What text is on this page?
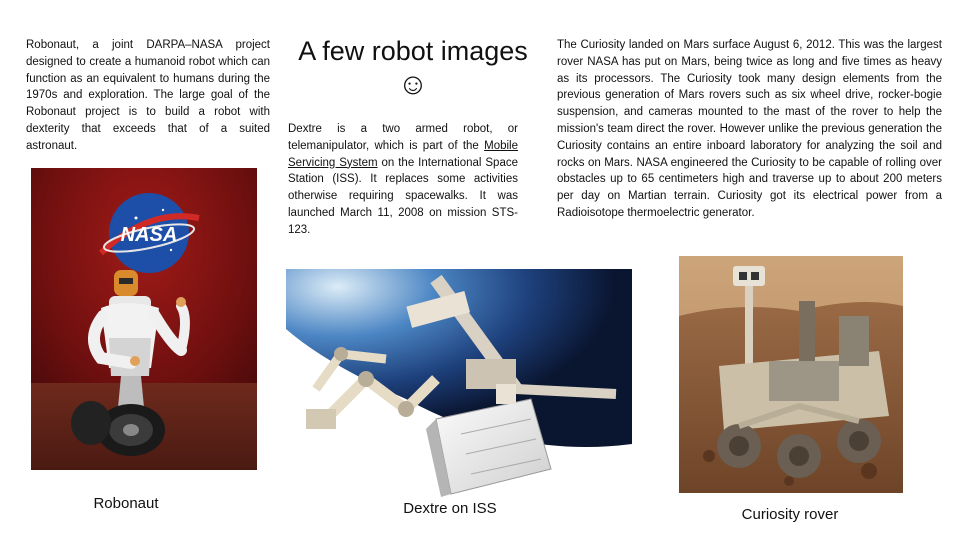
Robonaut, a joint DARPA–NASA project designed to create a humanoid robot which can function as an equivalent to humans during the 1970s and exploration. The large goal of the Robonaut project is to build a robot with dexterity that exceeds that of a suited astronaut.
NASA
Robonaut
A few robot images
☺
Dextre is a two armed robot, or telemanipulator, which is part of the Mobile Servicing System on the International Space Station (ISS). It replaces some activities otherwise requiring spacewalks. It was launched March 11, 2008 on mission STS-123.
Dextre on ISS
The Curiosity landed on Mars surface August 6, 2012. This was the largest rover NASA has put on Mars, being twice as long and five times as heavy as its processors. The Curiosity took many design elements from the previous generation of Mars rovers such as six wheel drive, rocker-bogie suspension, and cameras mounted to the mast of the rover to help the mission's team direct the rover. However unlike the previous generation the Curiosity contains an entire inboard laboratory for analyzing the soil and rocks on Mars. NASA engineered the Curiosity to be capable of rolling over obstacles up to 65 centimeters high and traverse up to about 200 meters per day on Martian terrain. Curiosity got its electrical power from a Radioisotope thermoelectric generator.
Curiosity rover
